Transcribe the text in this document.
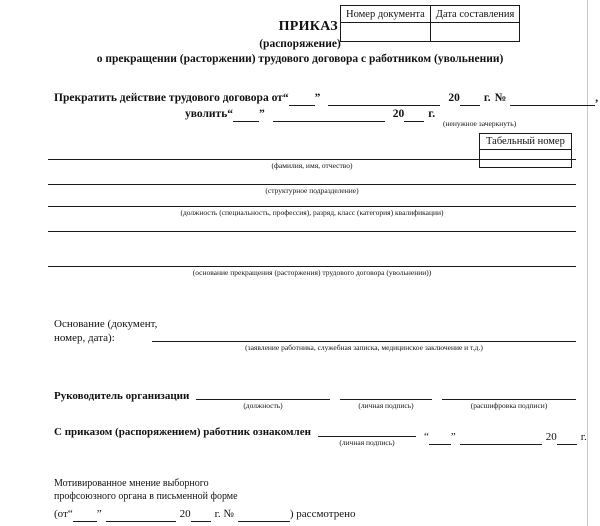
Номер документа	Дата составления

ПРИКАЗ
(распоряжение)
о прекращении (расторжении) трудового договора с работником (увольнении)
Прекратить действие трудового договора от“ ”	20 г. №	,
уволить“ ”	20 г.
(ненужное зачеркнуть)
Табельный номер

(фамилия, имя, отчество)
(структурное подразделение)
(должность (специальность, профессия), разряд, класс (категория) квалификации)
(основание прекращения (расторжения) трудового договора (увольнении))
Основание (документ,
номер, дата):
(заявление работника, служебная записка, медицинское заключение и т.д.)
Руководитель организации
(должность)	(личная подпись)	(расшифровка подписи)
С приказом (распоряжением) работник ознакомлен
(личная подпись)	“ ”	20 г.
Мотивированное мнение выборного
профсоюзного органа в письменной форме
(от“ ”	20 г. №	) рассмотрено
